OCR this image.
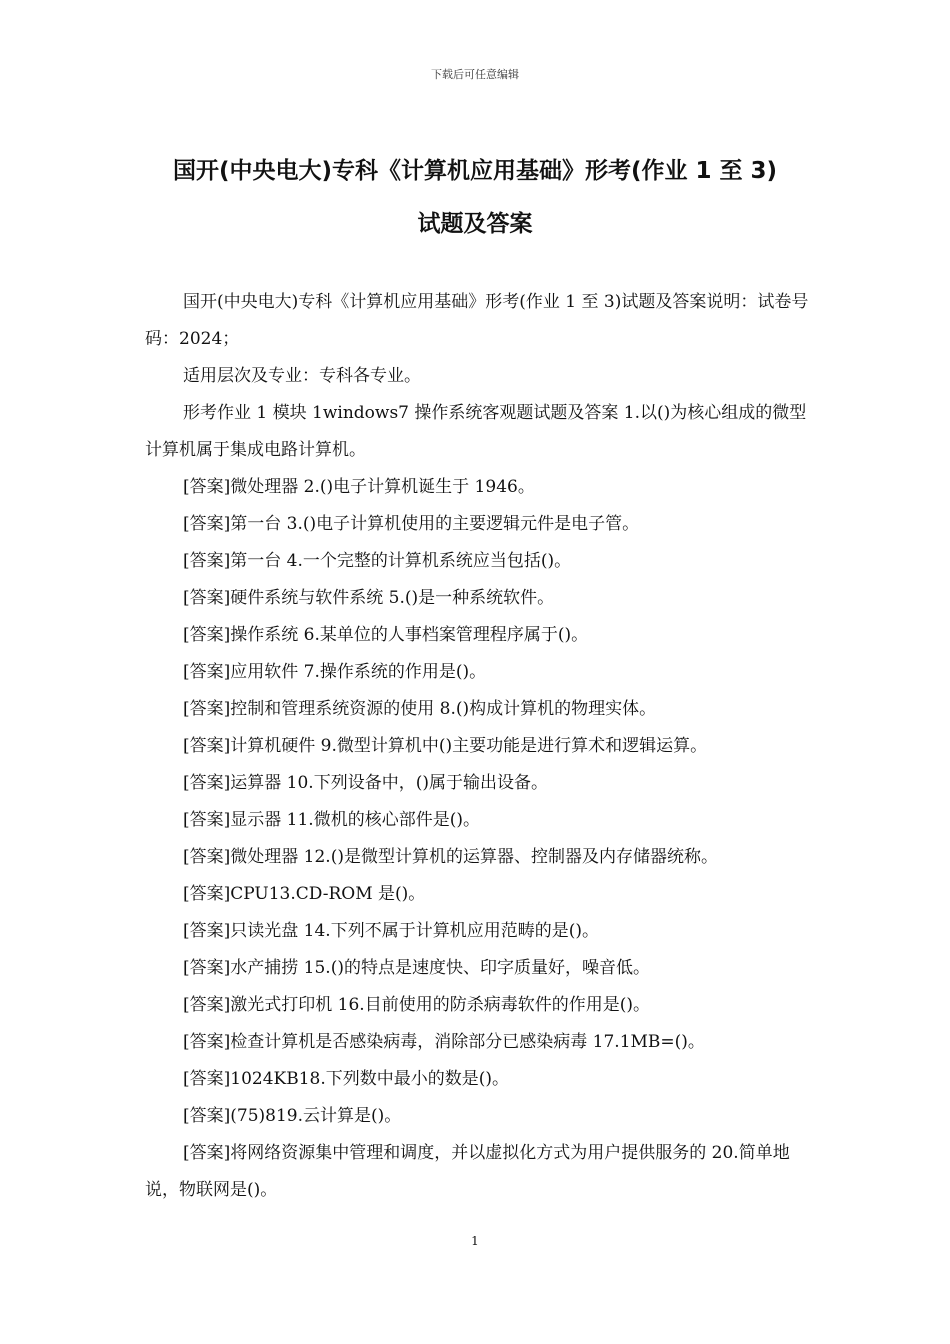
下载后可任意编辑
国开(中央电大)专科《计算机应用基础》形考(作业 1 至 3)
试题及答案

国开(中央电大)专科《计算机应用基础》形考(作业 1 至 3)试题及答案说明：试卷号码：2024；

适用层次及专业：专科各专业。

形考作业 1 模块 1windows7 操作系统客观题试题及答案 1.以()为核心组成的微型计算机属于集成电路计算机。

[答案]微处理器 2.()电子计算机诞生于 1946。

[答案]第一台 3.()电子计算机使用的主要逻辑元件是电子管。

[答案]第一台 4.一个完整的计算机系统应当包括()。

[答案]硬件系统与软件系统 5.()是一种系统软件。

[答案]操作系统 6.某单位的人事档案管理程序属于()。

[答案]应用软件 7.操作系统的作用是()。

[答案]控制和管理系统资源的使用 8.()构成计算机的物理实体。

[答案]计算机硬件 9.微型计算机中()主要功能是进行算术和逻辑运算。

[答案]运算器 10.下列设备中，()属于输出设备。

[答案]显示器 11.微机的核心部件是()。

[答案]微处理器 12.()是微型计算机的运算器、控制器及内存储器统称。

[答案]CPU13.CD-ROM 是()。

[答案]只读光盘 14.下列不属于计算机应用范畴的是()。

[答案]水产捕捞 15.()的特点是速度快、印字质量好，噪音低。

[答案]激光式打印机 16.目前使用的防杀病毒软件的作用是()。

[答案]检查计算机是否感染病毒，消除部分已感染病毒 17.1MB=()。

[答案]1024KB18.下列数中最小的数是()。

[答案](75)819.云计算是()。

[答案]将网络资源集中管理和调度，并以虚拟化方式为用户提供服务的 20.简单地说，物联网是()。

1
